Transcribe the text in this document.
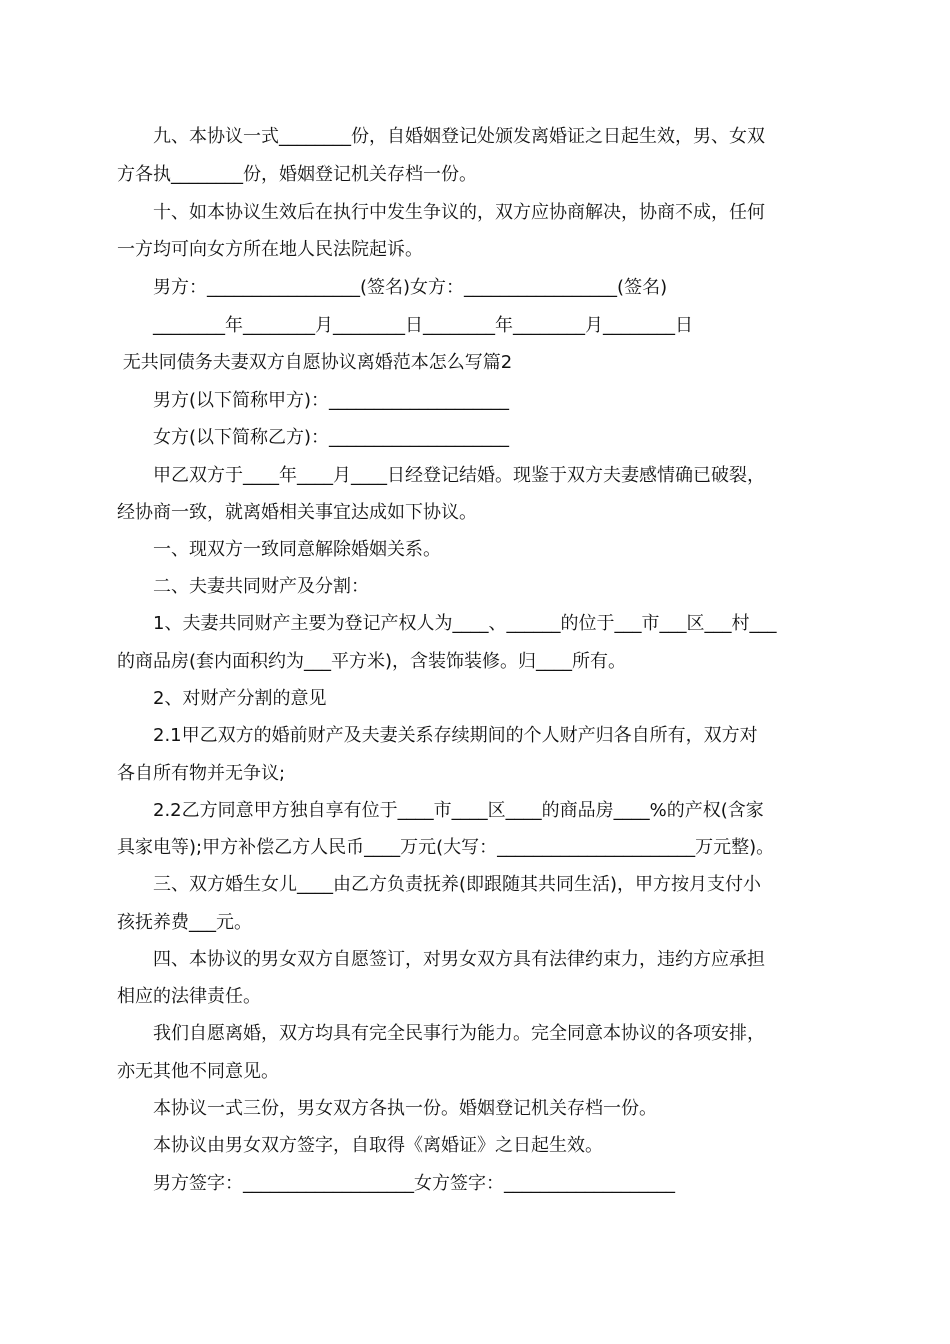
　　九、本协议一式________份，自婚姻登记处颁发离婚证之日起生效，男、女双
方各执________份，婚姻登记机关存档一份。
　　十、如本协议生效后在执行中发生争议的，双方应协商解决，协商不成，任何
一方均可向女方所在地人民法院起诉。
　　男方：_________________(签名)女方：_________________(签名)
　　________年________月________日________年________月________日
无共同债务夫妻双方自愿协议离婚范本怎么写篇2
　　男方(以下简称甲方)：____________________
　　女方(以下简称乙方)：____________________
　　甲乙双方于____年____月____日经登记结婚。现鉴于双方夫妻感情确已破裂，
经协商一致，就离婚相关事宜达成如下协议。
　　一、现双方一致同意解除婚姻关系。
　　二、夫妻共同财产及分割：
　　1、夫妻共同财产主要为登记产权人为____、______的位于___市___区___村___
的商品房(套内面积约为___平方米)，含装饰装修。归____所有。
　　2、对财产分割的意见
　　2.1甲乙双方的婚前财产及夫妻关系存续期间的个人财产归各自所有，双方对
各自所有物并无争议;
　　2.2乙方同意甲方独自享有位于____市____区____的商品房____%的产权(含家
具家电等);甲方补偿乙方人民币____万元(大写：______________________万元整)。
　　三、双方婚生女儿____由乙方负责抚养(即跟随其共同生活)，甲方按月支付小
孩抚养费___元。
　　四、本协议的男女双方自愿签订，对男女双方具有法律约束力，违约方应承担
相应的法律责任。
　　我们自愿离婚，双方均具有完全民事行为能力。完全同意本协议的各项安排，
亦无其他不同意见。
　　本协议一式三份，男女双方各执一份。婚姻登记机关存档一份。
　　本协议由男女双方签字，自取得《离婚证》之日起生效。
　　男方签字：___________________女方签字：___________________
